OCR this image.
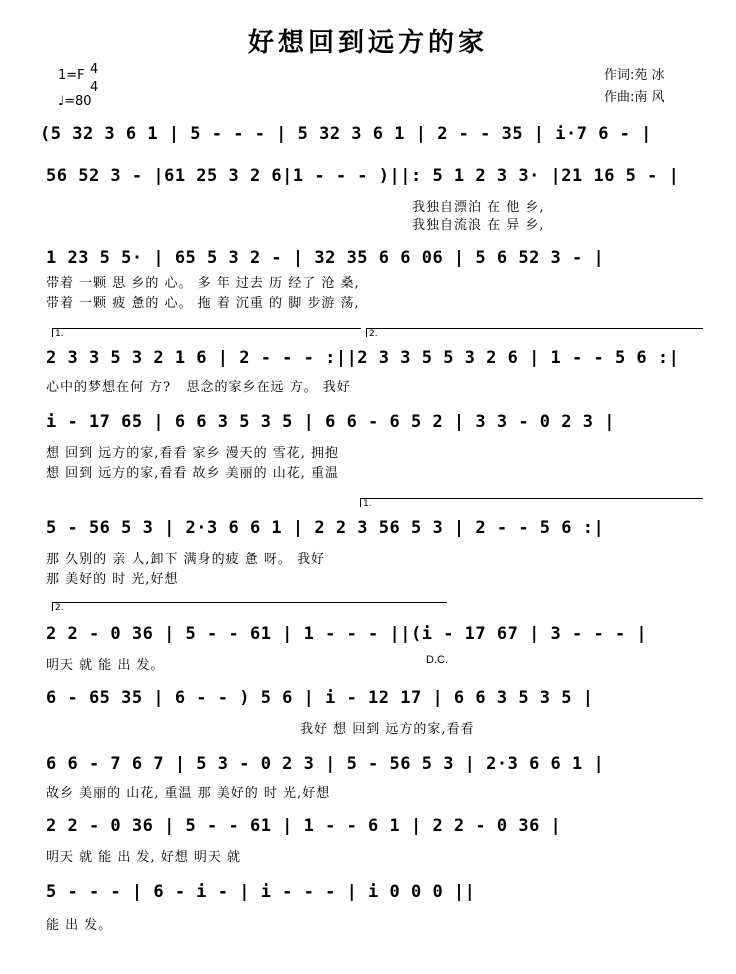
好想回到远方的家
1=F 4
4
♩=80
作词:苑 冰
作曲:南 风
(5 32 3 6 1 | 5 - - - | 5 32 3 6 1 | 2 - - 35 | i·7 6 - |
56 52 3 - |61 25 3 2 6|1 - - - )||: 5 1 2 3 3· |21 16 5 - |
我独自漂泊 在 他 乡,
我独自流浪 在 异 乡,
1 23 5 5· | 65 5 3 2 - | 32 35 6 6 06 | 5 6 52 3 - |
带着 一颗 思 乡的 心。 多 年 过去 历 经了 沧 桑,
带着 一颗 疲 惫的 心。 拖 着 沉重 的 脚 步游 荡,
1.	2.
2 3 3 5 3 2 1 6 | 2 - - - :||2 3 3 5 5 3 2 6 | 1 - - 5 6 :|
心中的梦想在何 方?   思念的家乡在远 方。 我好
i - 17 65 | 6 6 3 5 3 5 | 6 6 - 6 5 2 | 3 3 - 0 2 3 |
想 回到 远方的家,看看 家乡 漫天的 雪花, 拥抱
想 回到 远方的家,看看 故乡 美丽的 山花, 重温
1.
5 - 56 5 3 | 2·3 6 6 1 | 2 2 3 56 5 3 | 2 - - 5 6 :|
那 久别的 亲 人,卸下 满身的疲 惫 呀。 我好
那 美好的 时 光,好想
2.
2 2 - 0 36 | 5 - - 61 | 1 - - - ||(i - 17 67 | 3 - - - |
明天 就 能 出 发。	D.C.
6 - 65 35 | 6 - - ) 5 6 | i - 12 17 | 6 6 3 5 3 5 |
我好 想 回到 远方的家,看看
6 6 - 7 6 7 | 5 3 - 0 2 3 | 5 - 56 5 3 | 2·3 6 6 1 |
故乡 美丽的 山花, 重温 那 美好的 时 光,好想
2 2 - 0 36 | 5 - - 61 | 1 - - 6 1 | 2 2 - 0 36 |
明天 就 能 出 发, 好想 明天 就
5 - - - | 6 - i - | i - - - | i 0 0 0 ||
能 出 发。
